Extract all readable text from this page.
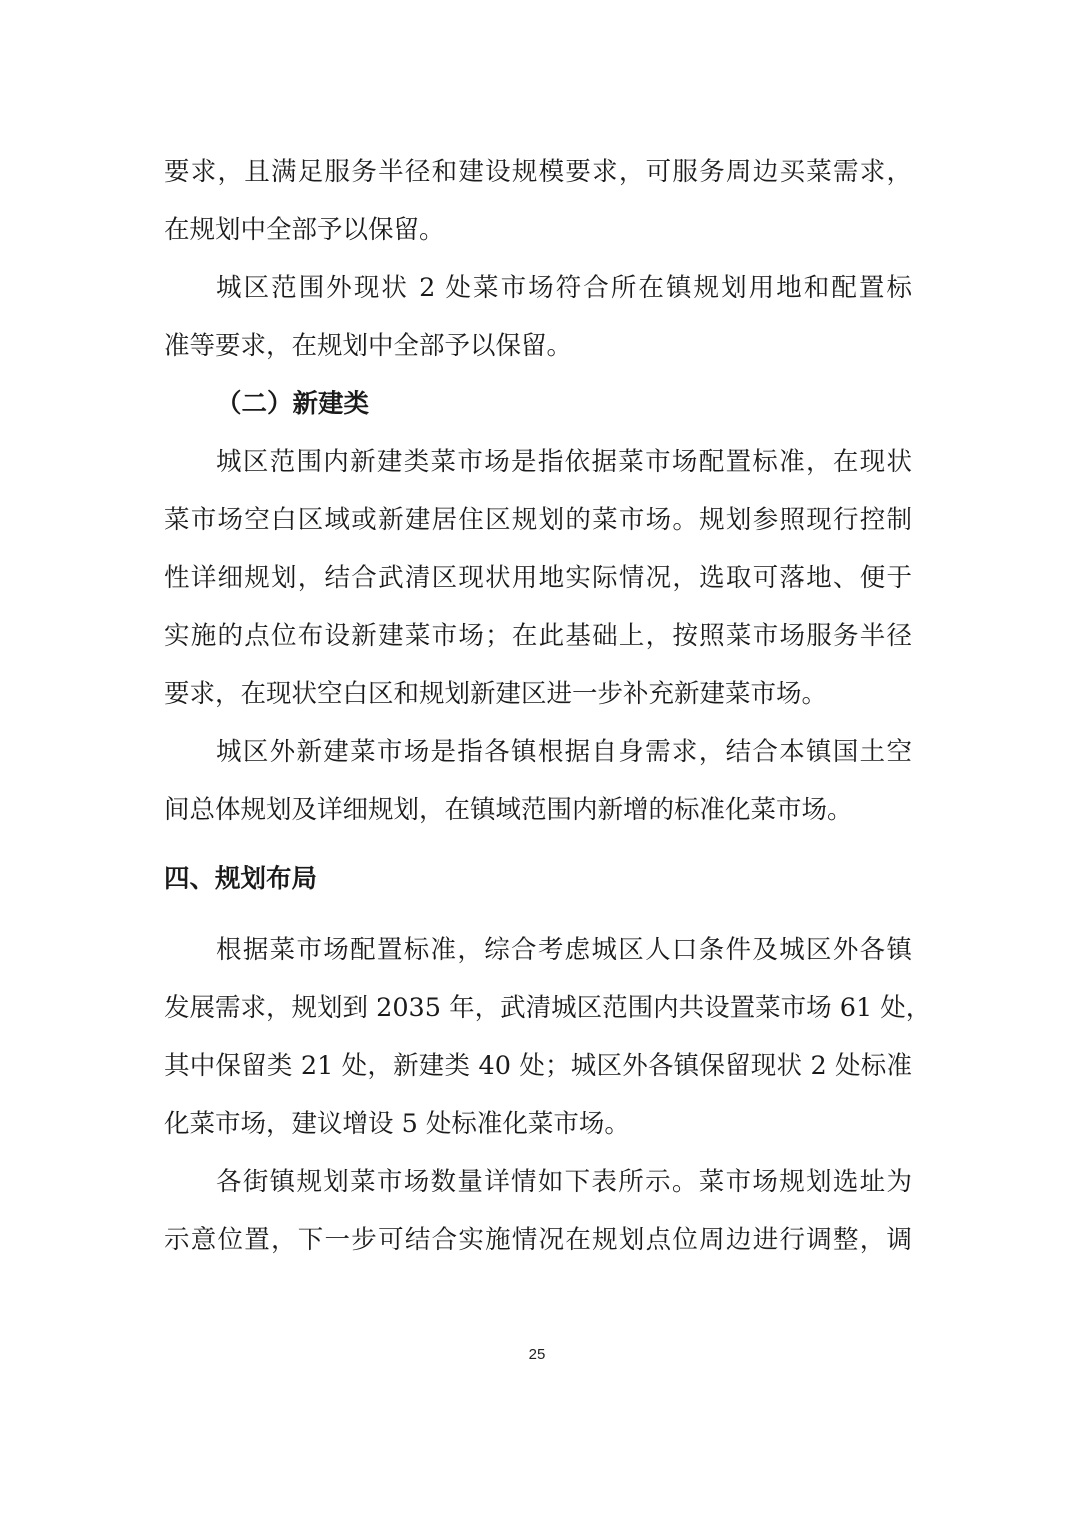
要求，且满足服务半径和建设规模要求，可服务周边买菜需求，
在规划中全部予以保留。
城区范围外现状 2 处菜市场符合所在镇规划用地和配置标
准等要求，在规划中全部予以保留。
（二）新建类
城区范围内新建类菜市场是指依据菜市场配置标准，在现状
菜市场空白区域或新建居住区规划的菜市场。规划参照现行控制
性详细规划，结合武清区现状用地实际情况，选取可落地、便于
实施的点位布设新建菜市场；在此基础上，按照菜市场服务半径
要求，在现状空白区和规划新建区进一步补充新建菜市场。
城区外新建菜市场是指各镇根据自身需求，结合本镇国土空
间总体规划及详细规划，在镇域范围内新增的标准化菜市场。
四、规划布局
根据菜市场配置标准，综合考虑城区人口条件及城区外各镇
发展需求，规划到 2035 年，武清城区范围内共设置菜市场 61 处，
其中保留类 21 处，新建类 40 处；城区外各镇保留现状 2 处标准
化菜市场，建议增设 5 处标准化菜市场。
各街镇规划菜市场数量详情如下表所示。菜市场规划选址为
示意位置，下一步可结合实施情况在规划点位周边进行调整，调
25
